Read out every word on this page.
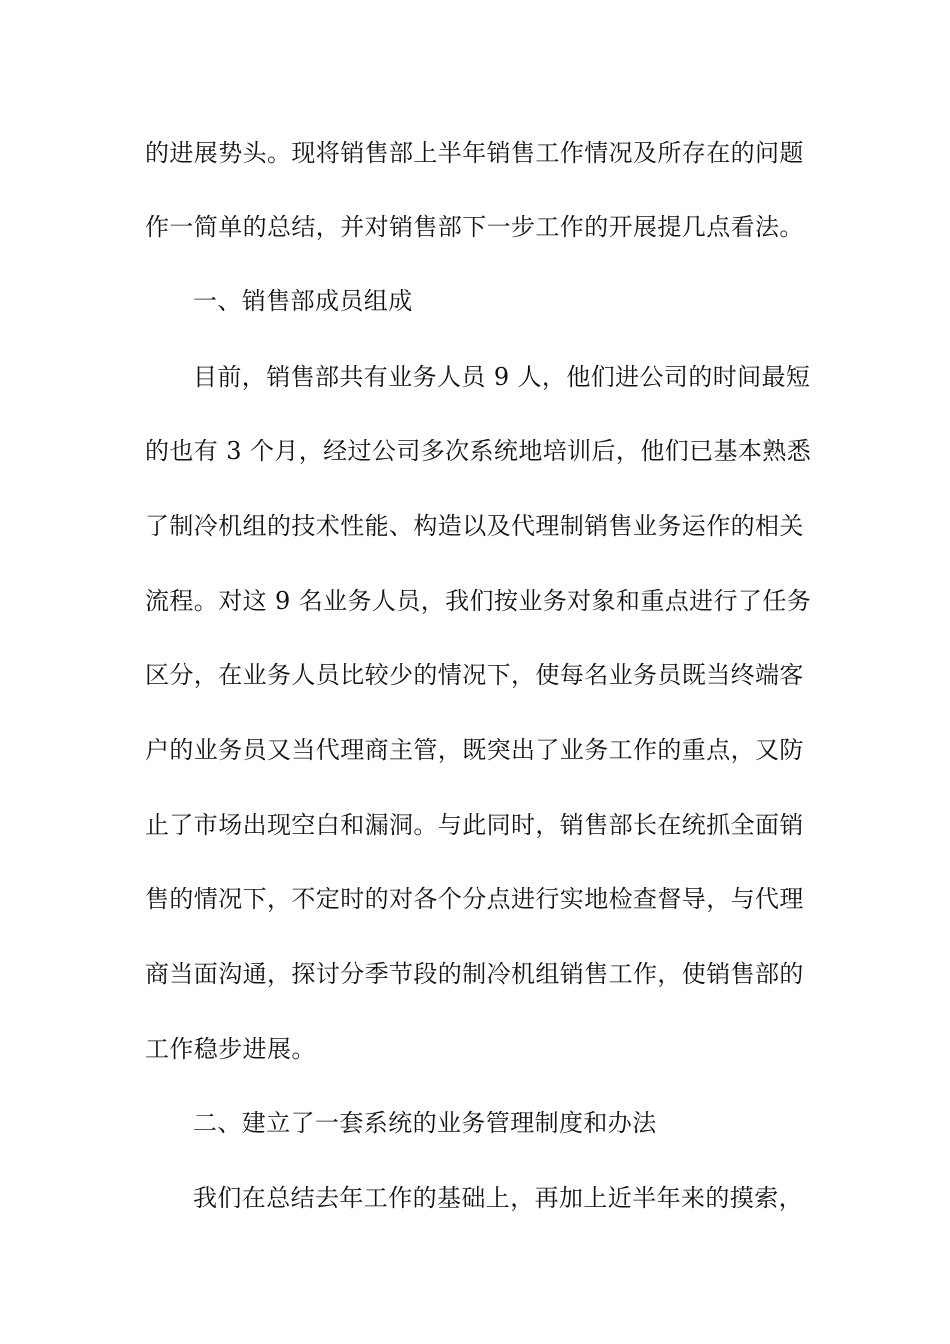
的进展势头。现将销售部上半年销售工作情况及所存在的问题
作一简单的总结，并对销售部下一步工作的开展提几点看法。
一、销售部成员组成
目前，销售部共有业务人员 9 人，他们进公司的时间最短
的也有 3 个月，经过公司多次系统地培训后，他们已基本熟悉
了制冷机组的技术性能、构造以及代理制销售业务运作的相关
流程。对这 9 名业务人员，我们按业务对象和重点进行了任务
区分，在业务人员比较少的情况下，使每名业务员既当终端客
户的业务员又当代理商主管，既突出了业务工作的重点，又防
止了市场出现空白和漏洞。与此同时，销售部长在统抓全面销
售的情况下，不定时的对各个分点进行实地检查督导，与代理
商当面沟通，探讨分季节段的制冷机组销售工作，使销售部的
工作稳步进展。
二、建立了一套系统的业务管理制度和办法
我们在总结去年工作的基础上，再加上近半年来的摸索，
